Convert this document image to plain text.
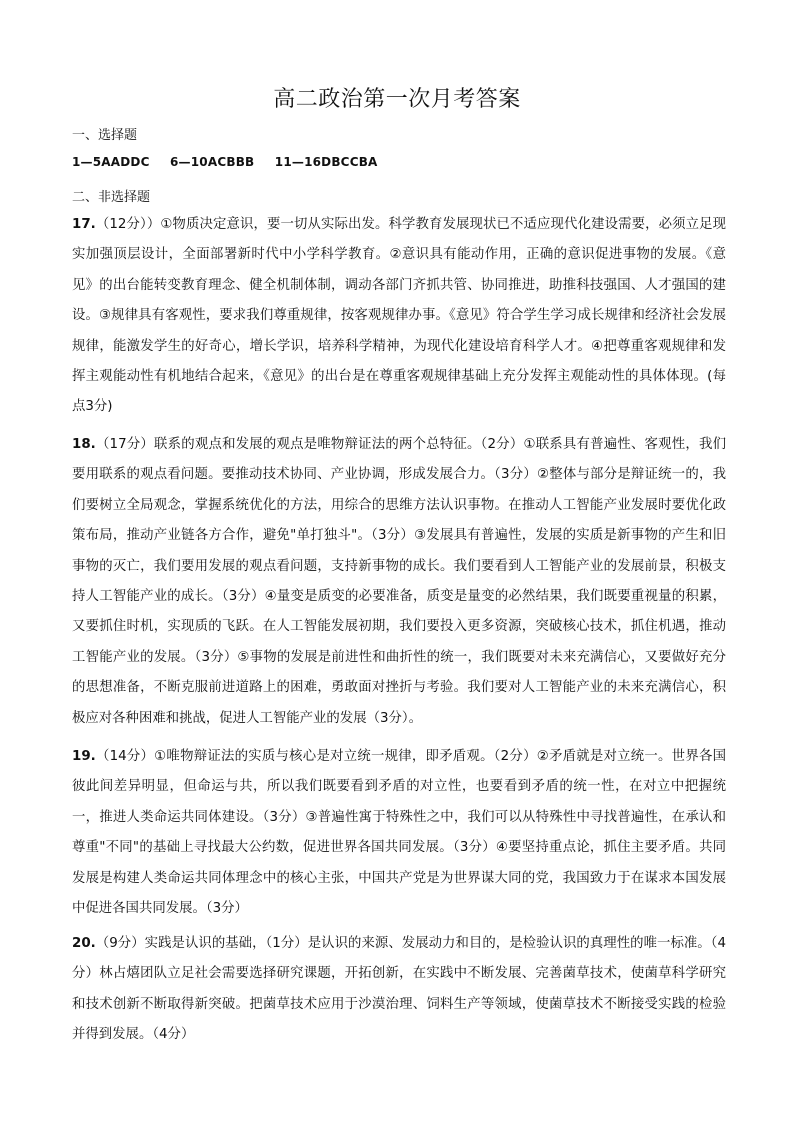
高二政治第一次月考答案
一、选择题
1—5AADDC 6—10ACBBB 11—16DBCCBA
二、非选择题
17.（12分））①物质决定意识，要一切从实际出发。科学教育发展现状已不适应现代化建设需要，必须立足现实加强顶层设计，全面部署新时代中小学科学教育。②意识具有能动作用，正确的意识促进事物的发展。《意见》的出台能转变教育理念、健全机制体制，调动各部门齐抓共管、协同推进，助推科技强国、人才强国的建设。③规律具有客观性，要求我们尊重规律，按客观规律办事。《意见》符合学生学习成长规律和经济社会发展规律，能激发学生的好奇心，增长学识，培养科学精神，为现代化建设培育科学人才。④把尊重客观规律和发挥主观能动性有机地结合起来，《意见》的出台是在尊重客观规律基础上充分发挥主观能动性的具体体现。(每点3分)
18.（17分）联系的观点和发展的观点是唯物辩证法的两个总特征。（2分）①联系具有普遍性、客观性，我们要用联系的观点看问题。要推动技术协同、产业协调，形成发展合力。（3分）②整体与部分是辩证统一的，我们要树立全局观念，掌握系统优化的方法，用综合的思维方法认识事物。在推动人工智能产业发展时要优化政策布局，推动产业链各方合作，避免"单打独斗"。（3分）③发展具有普遍性，发展的实质是新事物的产生和旧事物的灭亡，我们要用发展的观点看问题，支持新事物的成长。我们要看到人工智能产业的发展前景，积极支持人工智能产业的成长。（3分）④量变是质变的必要准备，质变是量变的必然结果，我们既要重视量的积累，又要抓住时机，实现质的飞跃。在人工智能发展初期，我们要投入更多资源，突破核心技术，抓住机遇，推动工智能产业的发展。（3分）⑤事物的发展是前进性和曲折性的统一，我们既要对未来充满信心，又要做好充分的思想准备，不断克服前进道路上的困难，勇敢面对挫折与考验。我们要对人工智能产业的未来充满信心，积极应对各种困难和挑战，促进人工智能产业的发展（3分）。
19.（14分）①唯物辩证法的实质与核心是对立统一规律，即矛盾观。（2分）②矛盾就是对立统一。世界各国彼此间差异明显，但命运与共，所以我们既要看到矛盾的对立性，也要看到矛盾的统一性，在对立中把握统一，推进人类命运共同体建设。（3分）③普遍性寓于特殊性之中，我们可以从特殊性中寻找普遍性，在承认和尊重"不同"的基础上寻找最大公约数，促进世界各国共同发展。（3分）④要坚持重点论，抓住主要矛盾。共同发展是构建人类命运共同体理念中的核心主张，中国共产党是为世界谋大同的党，我国致力于在谋求本国发展中促进各国共同发展。（3分）
20.（9分）实践是认识的基础，（1分）是认识的来源、发展动力和目的，是检验认识的真理性的唯一标准。（4分）林占熺团队立足社会需要选择研究课题，开拓创新，在实践中不断发展、完善菌草技术，使菌草科学研究和技术创新不断取得新突破。把菌草技术应用于沙漠治理、饲料生产等领域，使菌草技术不断接受实践的检验并得到发展。（4分）
